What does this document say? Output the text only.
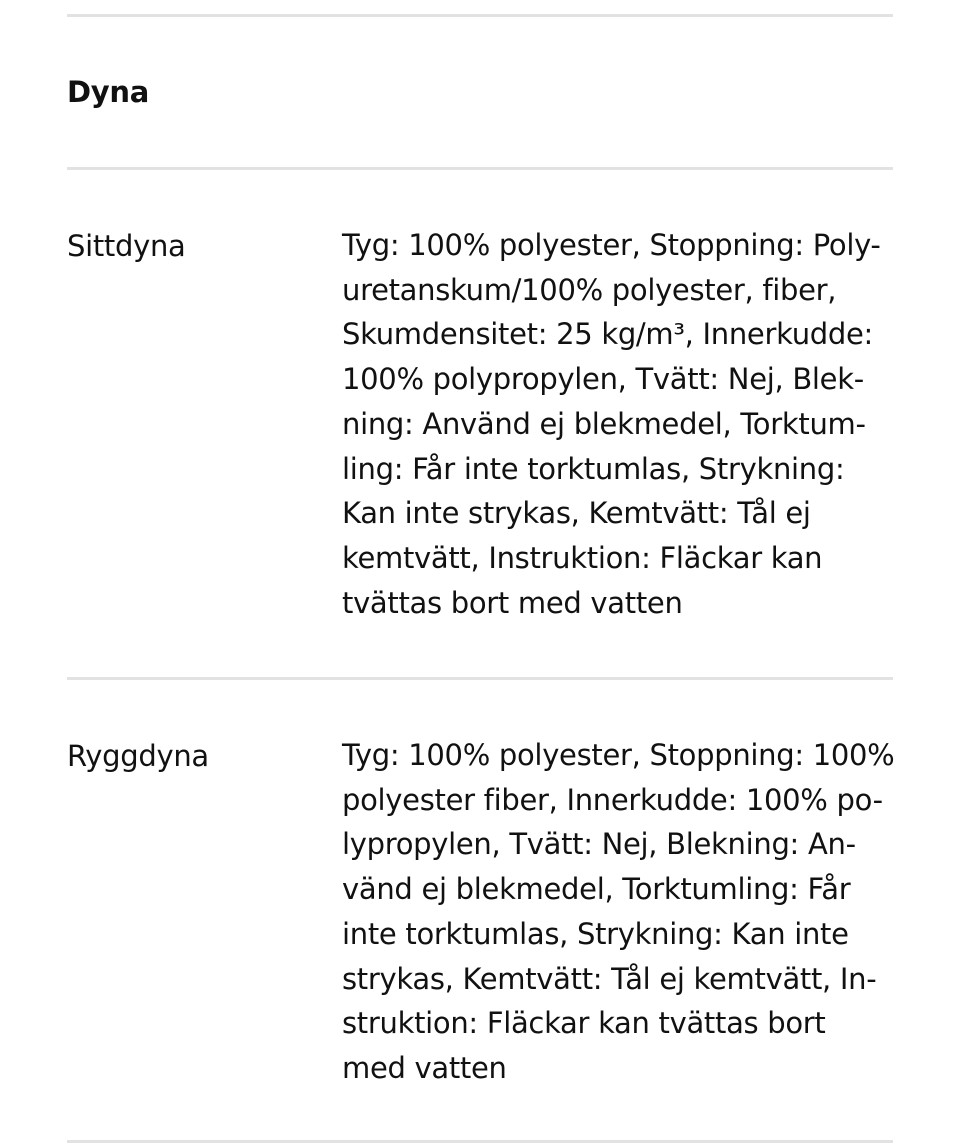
Dyna

Sittdyna	Tyg: 100% polyester, Stoppning: Poly-
uretanskum/100% polyester, fiber,
Skumdensitet: 25 kg/m³, Innerkudde:
100% polypropylen, Tvätt: Nej, Blek-
ning: Använd ej blekmedel, Torktum-
ling: Får inte torktumlas, Strykning:
Kan inte strykas, Kemtvätt: Tål ej
kemtvätt, Instruktion: Fläckar kan
tvättas bort med vatten

Ryggdyna	Tyg: 100% polyester, Stoppning: 100%
polyester fiber, Innerkudde: 100% po-
lypropylen, Tvätt: Nej, Blekning: An-
vänd ej blekmedel, Torktumling: Får
inte torktumlas, Strykning: Kan inte
strykas, Kemtvätt: Tål ej kemtvätt, In-
struktion: Fläckar kan tvättas bort
med vatten
